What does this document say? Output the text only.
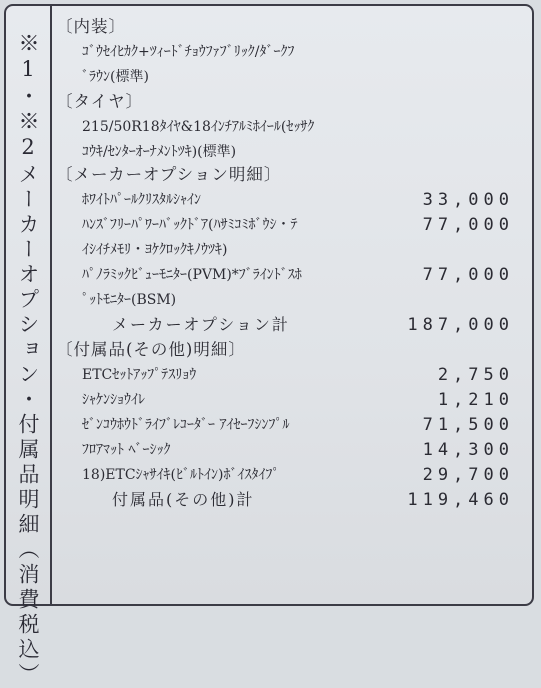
※1・※2メーカーオプション・付属品明細（消費税込）
〔内装〕
ｺﾞｳｾｲﾋｶｸ+ﾂｨｰﾄﾞﾁｮｳﾌｧﾌﾞﾘｯｸ/ﾀﾞｰｸﾌ
ﾞﾗｳﾝ(標準)
〔タイヤ〕
215/50R18ﾀｲﾔ&18ｲﾝﾁｱﾙﾐﾎｲｰﾙ(ｾｯｻｸ
ｺｳｷ/ｾﾝﾀｰｵｰﾅﾒﾝﾄﾂｷ)(標準)
〔メーカーオプション明細〕
ﾎﾜｲﾄﾊﾟｰﾙｸﾘｽﾀﾙｼｬｲﾝ	33,000
ﾊﾝｽﾞﾌﾘｰﾊﾟﾜｰﾊﾞｯｸﾄﾞｱ(ﾊｻﾐｺﾐﾎﾞｳｼ・ﾃ	77,000
ｲｼｲﾁﾒﾓﾘ・ﾖｹｸﾛｯｸｷﾉｳﾂｷ)
ﾊﾟﾉﾗﾐｯｸﾋﾞｭｰﾓﾆﾀｰ(PVM)*ﾌﾞﾗｲﾝﾄﾞｽﾎ	77,000
ﾟｯﾄﾓﾆﾀｰ(BSM)
メーカーオプション計	187,000
〔付属品(その他)明細〕
ETCｾｯﾄｱｯﾌﾟﾃｽﾘｮｳ	2,750
ｼｬｹﾝｼｮｳｲﾚ	1,210
ｾﾞﾝｺｳﾎｳﾄﾞﾗｲﾌﾞﾚｺｰﾀﾞｰ ｱｲｾｰﾌｼﾝﾌﾟﾙ	71,500
ﾌﾛｱﾏｯﾄ ﾍﾞｰｼｯｸ	14,300
18)ETCｼｬｻｲｷ(ﾋﾞﾙﾄｲﾝ)ﾎﾞｲｽﾀｲﾌﾟ	29,700
付属品(その他)計	119,460
